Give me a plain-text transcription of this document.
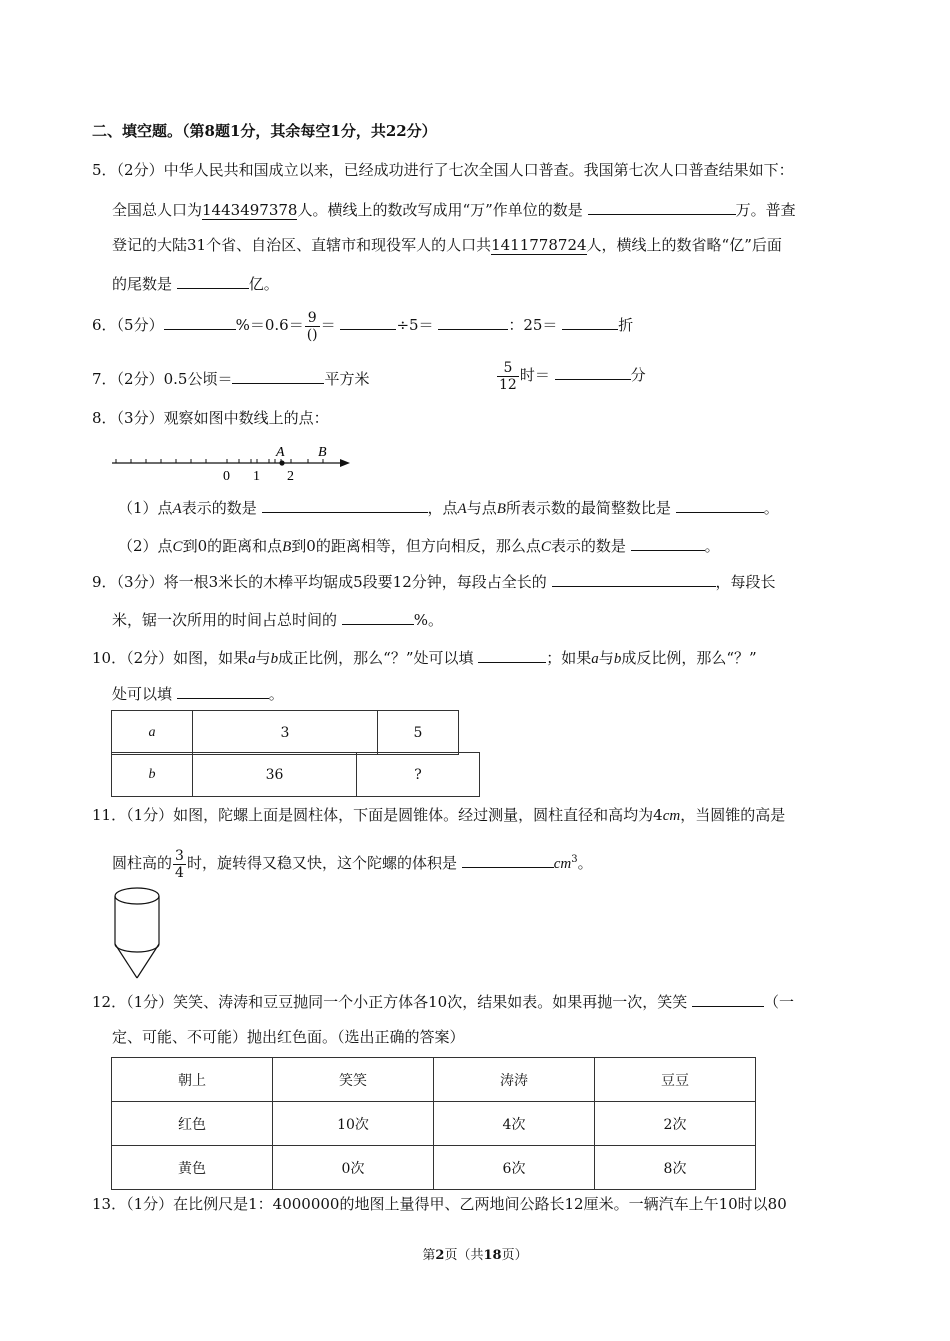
二、填空题。（第8题1分，其余每空1分，共22分）
5．（2分）中华人民共和国成立以来，已经成功进行了七次全国人口普查。我国第七次人口普查结果如下：
全国总人口为1443497378人。横线上的数改写成用“万”作单位的数是	万。普查
登记的大陆31个省、自治区、直辖市和现役军人的人口共1411778724人，横线上的数省略“亿”后面
的尾数是	亿。
6．（5分）	$\%=0.6= \frac{9}{()}$ ＝	÷5＝	：25＝	折
7．（2分）0.5公顷＝	平方米	$\frac{5}{12}$ 时＝	分
8．（3分）观察如图中数线上的点：
A B
0 1 2
（1）点A表示的数是	，点A与点B所表示数的最简整数比是	。
（2）点C到0的距离和点B到0的距离相等，但方向相反，那么点C表示的数是	。
9．（3分）将一根3米长的木棒平均锯成5段要12分钟，每段占全长的	，每段长
米，锯一次所用的时间占总时间的	%。
10．（2分）如图，如果a与b成正比例，那么“？”处可以填	；如果a与b成反比例，那么“？”
处可以填	。
a	3	5
b	36	?
11．（1分）如图，陀螺上面是圆柱体，下面是圆锥体。经过测量，圆柱直径和高均为4cm，当圆锥的高是
圆柱高的 $\frac{3}{4}$ 时，旋转得又稳又快，这个陀螺的体积是	$cm^3$。
12．（1分）笑笑、涛涛和豆豆抛同一个小正方体各10次，结果如表。如果再抛一次，笑笑	（一
定、可能、不可能）抛出红色面。（选出正确的答案）
朝上	笑笑	涛涛	豆豆
红色	10次	4次	2次
黄色	0次	6次	8次
13．（1分）在比例尺是1：4000000的地图上量得甲、乙两地间公路长12厘米。一辆汽车上午10时以80
第2页（共18页）
